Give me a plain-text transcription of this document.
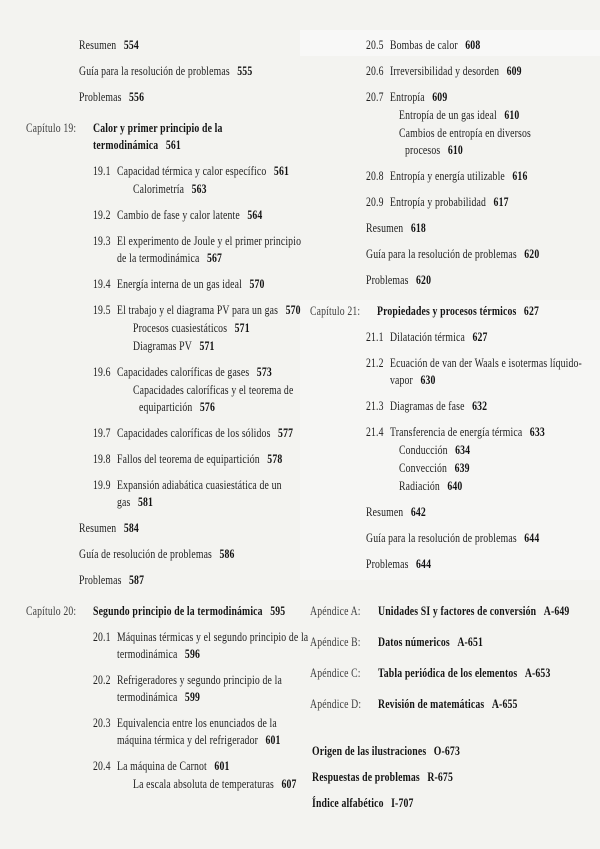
Resumen 554
Guía para la resolución de problemas 555
Problemas 556
Capítulo 19: Calor y primer principio de la
termodinámica 561
19.1 Capacidad térmica y calor específico 561
Calorimetría 563
19.2 Cambio de fase y calor latente 564
19.3 El experimento de Joule y el primer principio
de la termodinámica 567
19.4 Energía interna de un gas ideal 570
19.5 El trabajo y el diagrama PV para un gas 570
Procesos cuasiestáticos 571
Diagramas PV 571
19.6 Capacidades caloríficas de gases 573
Capacidades caloríficas y el teorema de
equipartición 576
19.7 Capacidades caloríficas de los sólidos 577
19.8 Fallos del teorema de equipartición 578
19.9 Expansión adiabática cuasiestática de un
gas 581
Resumen 584
Guía de resolución de problemas 586
Problemas 587
Capítulo 20: Segundo principio de la termodinámica 595
20.1 Máquinas térmicas y el segundo principio de la
termodinámica 596
20.2 Refrigeradores y segundo principio de la
termodinámica 599
20.3 Equivalencia entre los enunciados de la
máquina térmica y del refrigerador 601
20.4 La máquina de Carnot 601
La escala absoluta de temperaturas 607
20.5 Bombas de calor 608
20.6 Irreversibilidad y desorden 609
20.7 Entropía 609
Entropía de un gas ideal 610
Cambios de entropía en diversos
procesos 610
20.8 Entropía y energía utilizable 616
20.9 Entropía y probabilidad 617
Resumen 618
Guía para la resolución de problemas 620
Problemas 620
Capítulo 21: Propiedades y procesos térmicos 627
21.1 Dilatación térmica 627
21.2 Ecuación de van der Waals e isotermas líquido-
vapor 630
21.3 Diagramas de fase 632
21.4 Transferencia de energía térmica 633
Conducción 634
Convección 639
Radiación 640
Resumen 642
Guía para la resolución de problemas 644
Problemas 644
Apéndice A: Unidades SI y factores de conversión A-649
Apéndice B: Datos númericos A-651
Apéndice C: Tabla periódica de los elementos A-653
Apéndice D: Revisión de matemáticas A-655
Origen de las ilustraciones O-673
Respuestas de problemas R-675
Índice alfabético I-707
